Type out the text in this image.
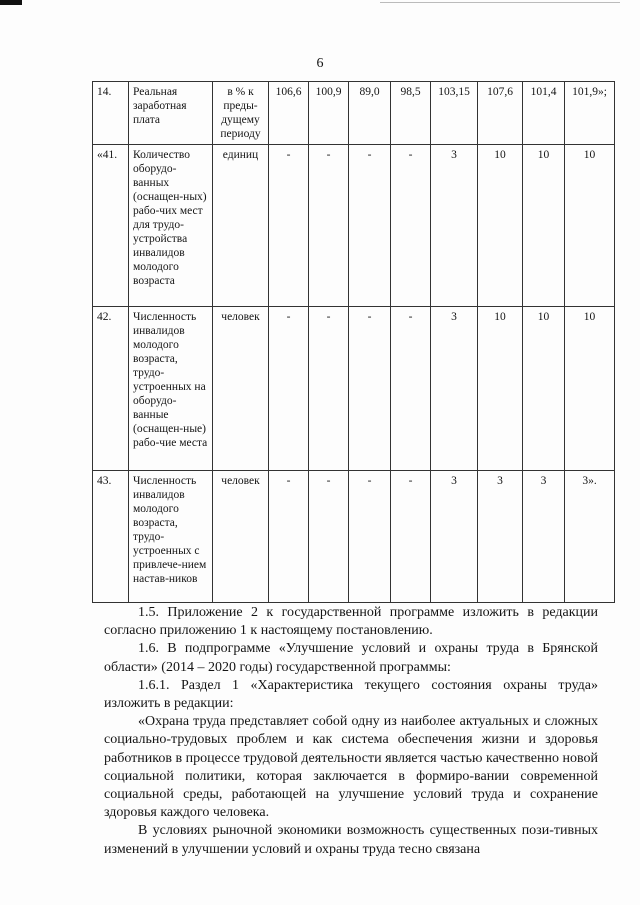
6
14.	Реальная заработная плата	в % к преды-дущему периоду	106,6	100,9	89,0	98,5	103,15	107,6	101,4	101,9»;
«41.	Количество оборудо-ванных (оснащен-ных) рабо-чих мест для трудо-устройства инвалидов молодого возраста	единиц	-	-	-	-	3	10	10	10
42.	Численность инвалидов молодого возраста, трудо-устроенных на оборудо-ванные (оснащен-ные) рабо-чие места	человек	-	-	-	-	3	10	10	10
43.	Численность инвалидов молодого возраста, трудо-устроенных с привлече-нием настав-ников	человек	-	-	-	-	3	3	3	3».

1.5. Приложение 2 к государственной программе изложить в редакции согласно приложению 1 к настоящему постановлению.

1.6. В подпрограмме «Улучшение условий и охраны труда в Брянской области» (2014 – 2020 годы) государственной программы:

1.6.1. Раздел 1 «Характеристика текущего состояния охраны труда» изложить в редакции:

«Охрана труда представляет собой одну из наиболее актуальных и сложных социально-трудовых проблем и как система обеспечения жизни и здоровья работников в процессе трудовой деятельности является частью качественно новой социальной политики, которая заключается в формиро-вании современной социальной среды, работающей на улучшение условий труда и сохранение здоровья каждого человека.

В условиях рыночной экономики возможность существенных пози-тивных изменений в улучшении условий и охраны труда тесно связана
